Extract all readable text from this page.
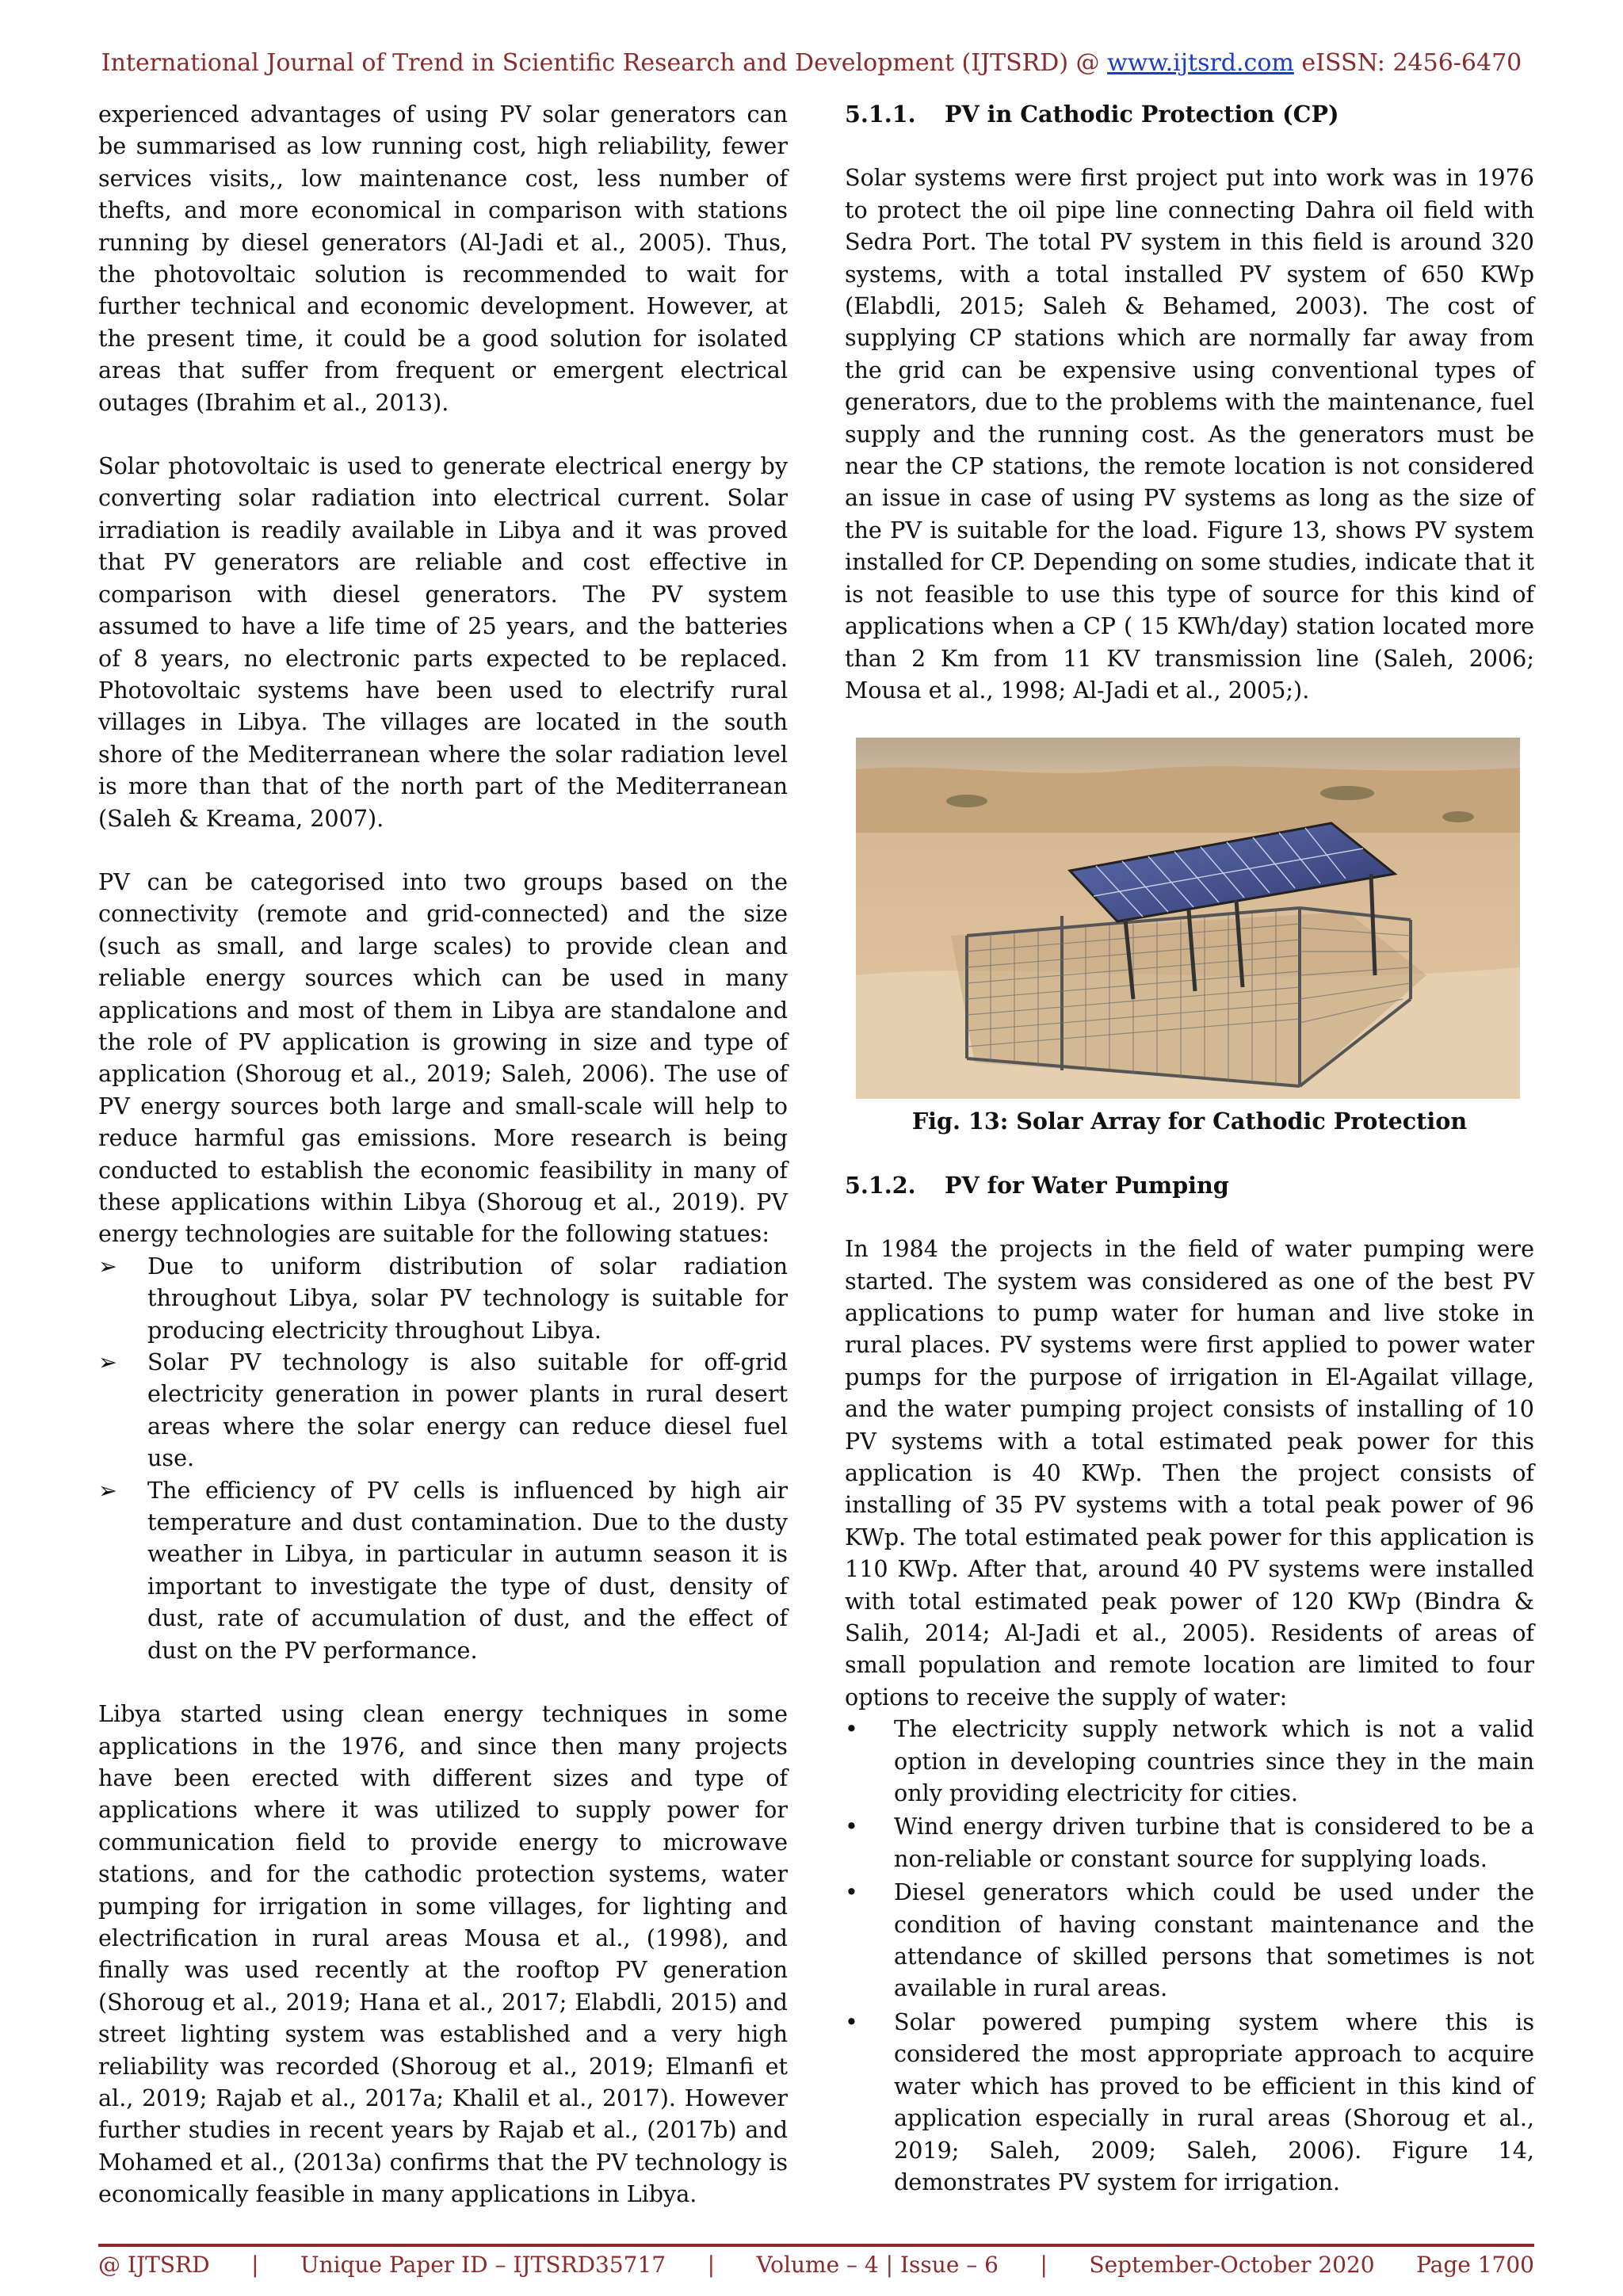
International Journal of Trend in Scientific Research and Development (IJTSRD) @ www.ijtsrd.com eISSN: 2456-6470

experienced advantages of using PV solar generators can be summarised as low running cost, high reliability, fewer services visits,, low maintenance cost, less number of thefts, and more economical in comparison with stations running by diesel generators (Al-Jadi et al., 2005). Thus, the photovoltaic solution is recommended to wait for further technical and economic development. However, at the present time, it could be a good solution for isolated areas that suffer from frequent or emergent electrical outages (Ibrahim et al., 2013).

Solar photovoltaic is used to generate electrical energy by converting solar radiation into electrical current. Solar irradiation is readily available in Libya and it was proved that PV generators are reliable and cost effective in comparison with diesel generators. The PV system assumed to have a life time of 25 years, and the batteries of 8 years, no electronic parts expected to be replaced. Photovoltaic systems have been used to electrify rural villages in Libya. The villages are located in the south shore of the Mediterranean where the solar radiation level is more than that of the north part of the Mediterranean (Saleh & Kreama, 2007).

PV can be categorised into two groups based on the connectivity (remote and grid-connected) and the size (such as small, and large scales) to provide clean and reliable energy sources which can be used in many applications and most of them in Libya are standalone and the role of PV application is growing in size and type of application (Shoroug et al., 2019; Saleh, 2006). The use of PV energy sources both large and small-scale will help to reduce harmful gas emissions. More research is being conducted to establish the economic feasibility in many of these applications within Libya (Shoroug et al., 2019). PV energy technologies are suitable for the following statues:

➢	Due to uniform distribution of solar radiation throughout Libya, solar PV technology is suitable for producing electricity throughout Libya.
➢	Solar PV technology is also suitable for off-grid electricity generation in power plants in rural desert areas where the solar energy can reduce diesel fuel use.
➢	The efficiency of PV cells is influenced by high air temperature and dust contamination. Due to the dusty weather in Libya, in particular in autumn season it is important to investigate the type of dust, density of dust, rate of accumulation of dust, and the effect of dust on the PV performance.

Libya started using clean energy techniques in some applications in the 1976, and since then many projects have been erected with different sizes and type of applications where it was utilized to supply power for communication field to provide energy to microwave stations, and for the cathodic protection systems, water pumping for irrigation in some villages, for lighting and electrification in rural areas Mousa et al., (1998), and finally was used recently at the rooftop PV generation (Shoroug et al., 2019; Hana et al., 2017; Elabdli, 2015) and street lighting system was established and a very high reliability was recorded (Shoroug et al., 2019; Elmanfi et al., 2019; Rajab et al., 2017a; Khalil et al., 2017). However further studies in recent years by Rajab et al., (2017b) and Mohamed et al., (2013a) confirms that the PV technology is economically feasible in many applications in Libya.

5.1.1. PV in Cathodic Protection (CP)

Solar systems were first project put into work was in 1976 to protect the oil pipe line connecting Dahra oil field with Sedra Port. The total PV system in this field is around 320 systems, with a total installed PV system of 650 KWp (Elabdli, 2015; Saleh & Behamed, 2003). The cost of supplying CP stations which are normally far away from the grid can be expensive using conventional types of generators, due to the problems with the maintenance, fuel supply and the running cost. As the generators must be near the CP stations, the remote location is not considered an issue in case of using PV systems as long as the size of the PV is suitable for the load. Figure 13, shows PV system installed for CP. Depending on some studies, indicate that it is not feasible to use this type of source for this kind of applications when a CP ( 15 KWh/day) station located more than 2 Km from 11 KV transmission line (Saleh, 2006; Mousa et al., 1998; Al-Jadi et al., 2005;).

Fig. 13: Solar Array for Cathodic Protection

5.1.2. PV for Water Pumping

In 1984 the projects in the field of water pumping were started. The system was considered as one of the best PV applications to pump water for human and live stoke in rural places. PV systems were first applied to power water pumps for the purpose of irrigation in El-Agailat village, and the water pumping project consists of installing of 10 PV systems with a total estimated peak power for this application is 40 KWp. Then the project consists of installing of 35 PV systems with a total peak power of 96 KWp. The total estimated peak power for this application is 110 KWp. After that, around 40 PV systems were installed with total estimated peak power of 120 KWp (Bindra & Salih, 2014; Al-Jadi et al., 2005). Residents of areas of small population and remote location are limited to four options to receive the supply of water:

•	The electricity supply network which is not a valid option in developing countries since they in the main only providing electricity for cities.
•	Wind energy driven turbine that is considered to be a non-reliable or constant source for supplying loads.
•	Diesel generators which could be used under the condition of having constant maintenance and the attendance of skilled persons that sometimes is not available in rural areas.
•	Solar powered pumping system where this is considered the most appropriate approach to acquire water which has proved to be efficient in this kind of application especially in rural areas (Shoroug et al., 2019; Saleh, 2009; Saleh, 2006). Figure 14, demonstrates PV system for irrigation.
@ IJTSRD | Unique Paper ID – IJTSRD35717 | Volume – 4 | Issue – 6 | September-October 2020 Page 1700
